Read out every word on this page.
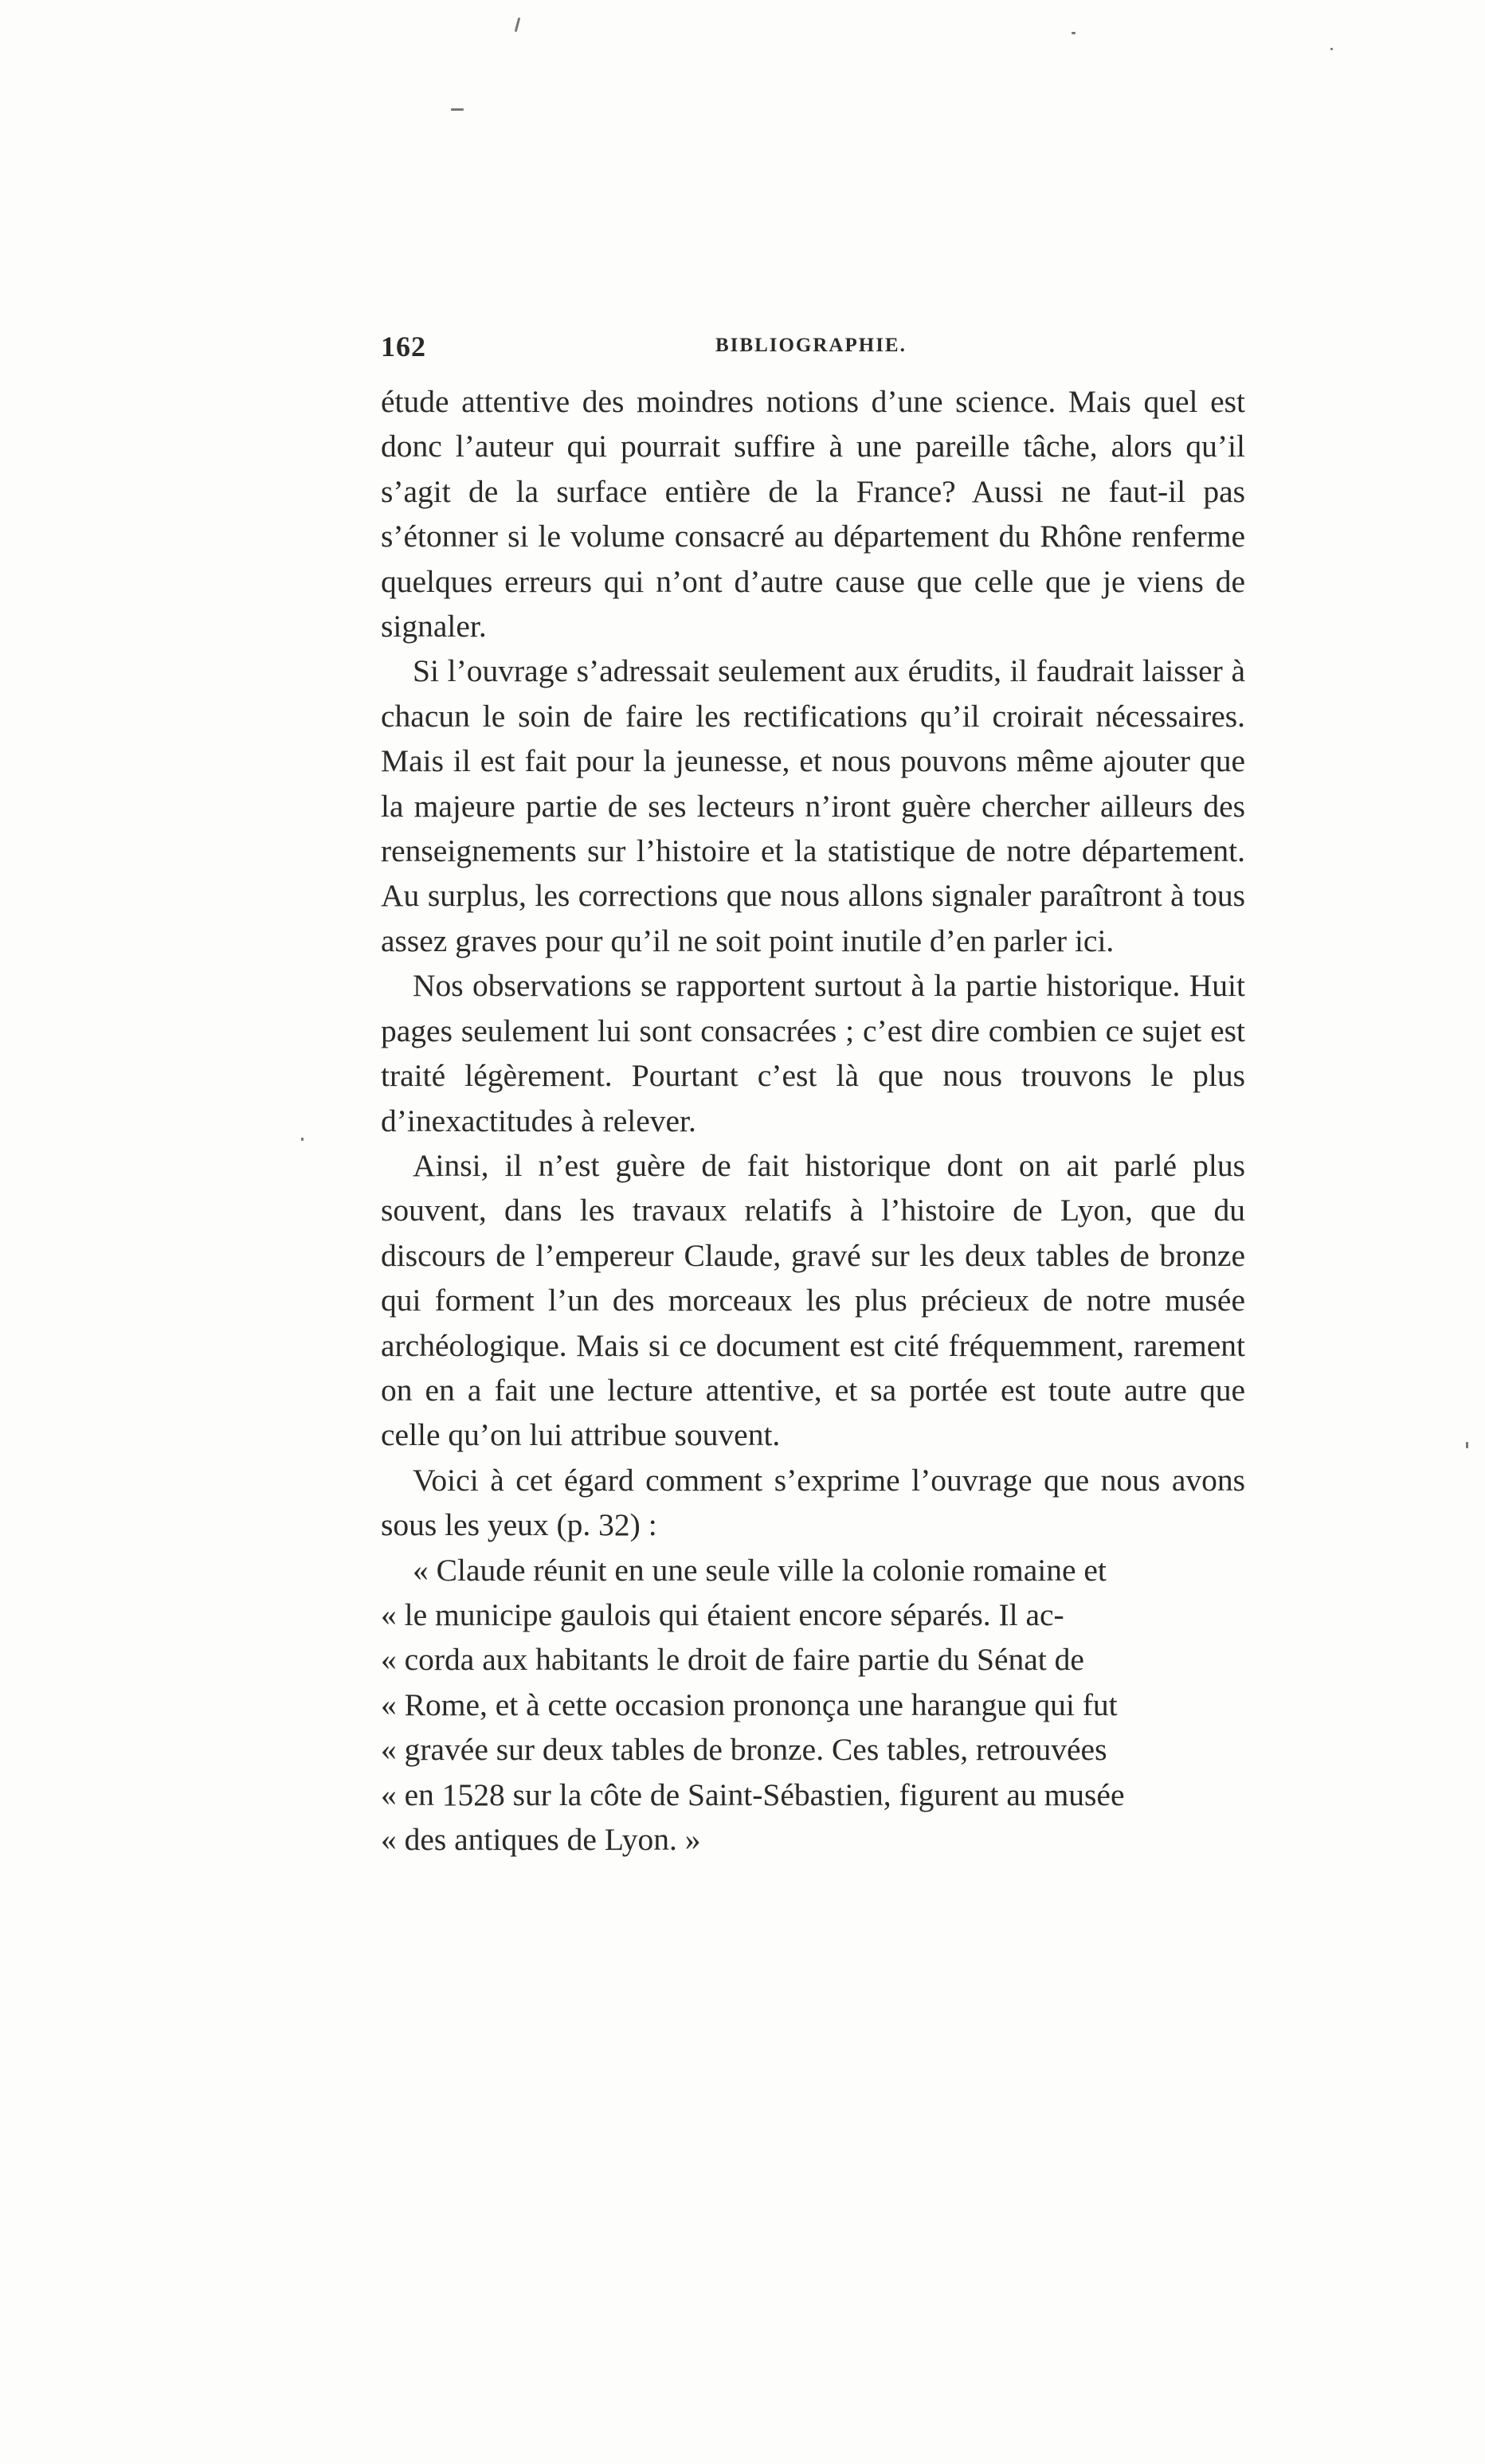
162	BIBLIOGRAPHIE.

étude attentive des moindres notions d’une science. Mais quel est donc l’auteur qui pourrait suffire à une pareille tâche, alors qu’il s’agit de la surface entière de la France? Aussi ne faut-il pas s’étonner si le volume consacré au département du Rhône renferme quelques erreurs qui n’ont d’autre cause que celle que je viens de signaler.

Si l’ouvrage s’adressait seulement aux érudits, il faudrait laisser à chacun le soin de faire les rectifications qu’il croirait nécessaires. Mais il est fait pour la jeunesse, et nous pouvons même ajouter que la majeure partie de ses lecteurs n’iront guère chercher ailleurs des renseignements sur l’histoire et la statistique de notre département. Au surplus, les corrections que nous allons signaler paraîtront à tous assez graves pour qu’il ne soit point inutile d’en parler ici.

Nos observations se rapportent surtout à la partie historique. Huit pages seulement lui sont consacrées ; c’est dire combien ce sujet est traité légèrement. Pourtant c’est là que nous trouvons le plus d’inexactitudes à relever.

Ainsi, il n’est guère de fait historique dont on ait parlé plus souvent, dans les travaux relatifs à l’histoire de Lyon, que du discours de l’empereur Claude, gravé sur les deux tables de bronze qui forment l’un des morceaux les plus précieux de notre musée archéologique. Mais si ce document est cité fréquemment, rarement on en a fait une lecture attentive, et sa portée est toute autre que celle qu’on lui attribue souvent.

Voici à cet égard comment s’exprime l’ouvrage que nous avons sous les yeux (p. 32) :

« Claude réunit en une seule ville la colonie romaine et
« le municipe gaulois qui étaient encore séparés. Il ac-
« corda aux habitants le droit de faire partie du Sénat de
« Rome, et à cette occasion prononça une harangue qui fut
« gravée sur deux tables de bronze. Ces tables, retrouvées
« en 1528 sur la côte de Saint-Sébastien, figurent au musée
« des antiques de Lyon. »
